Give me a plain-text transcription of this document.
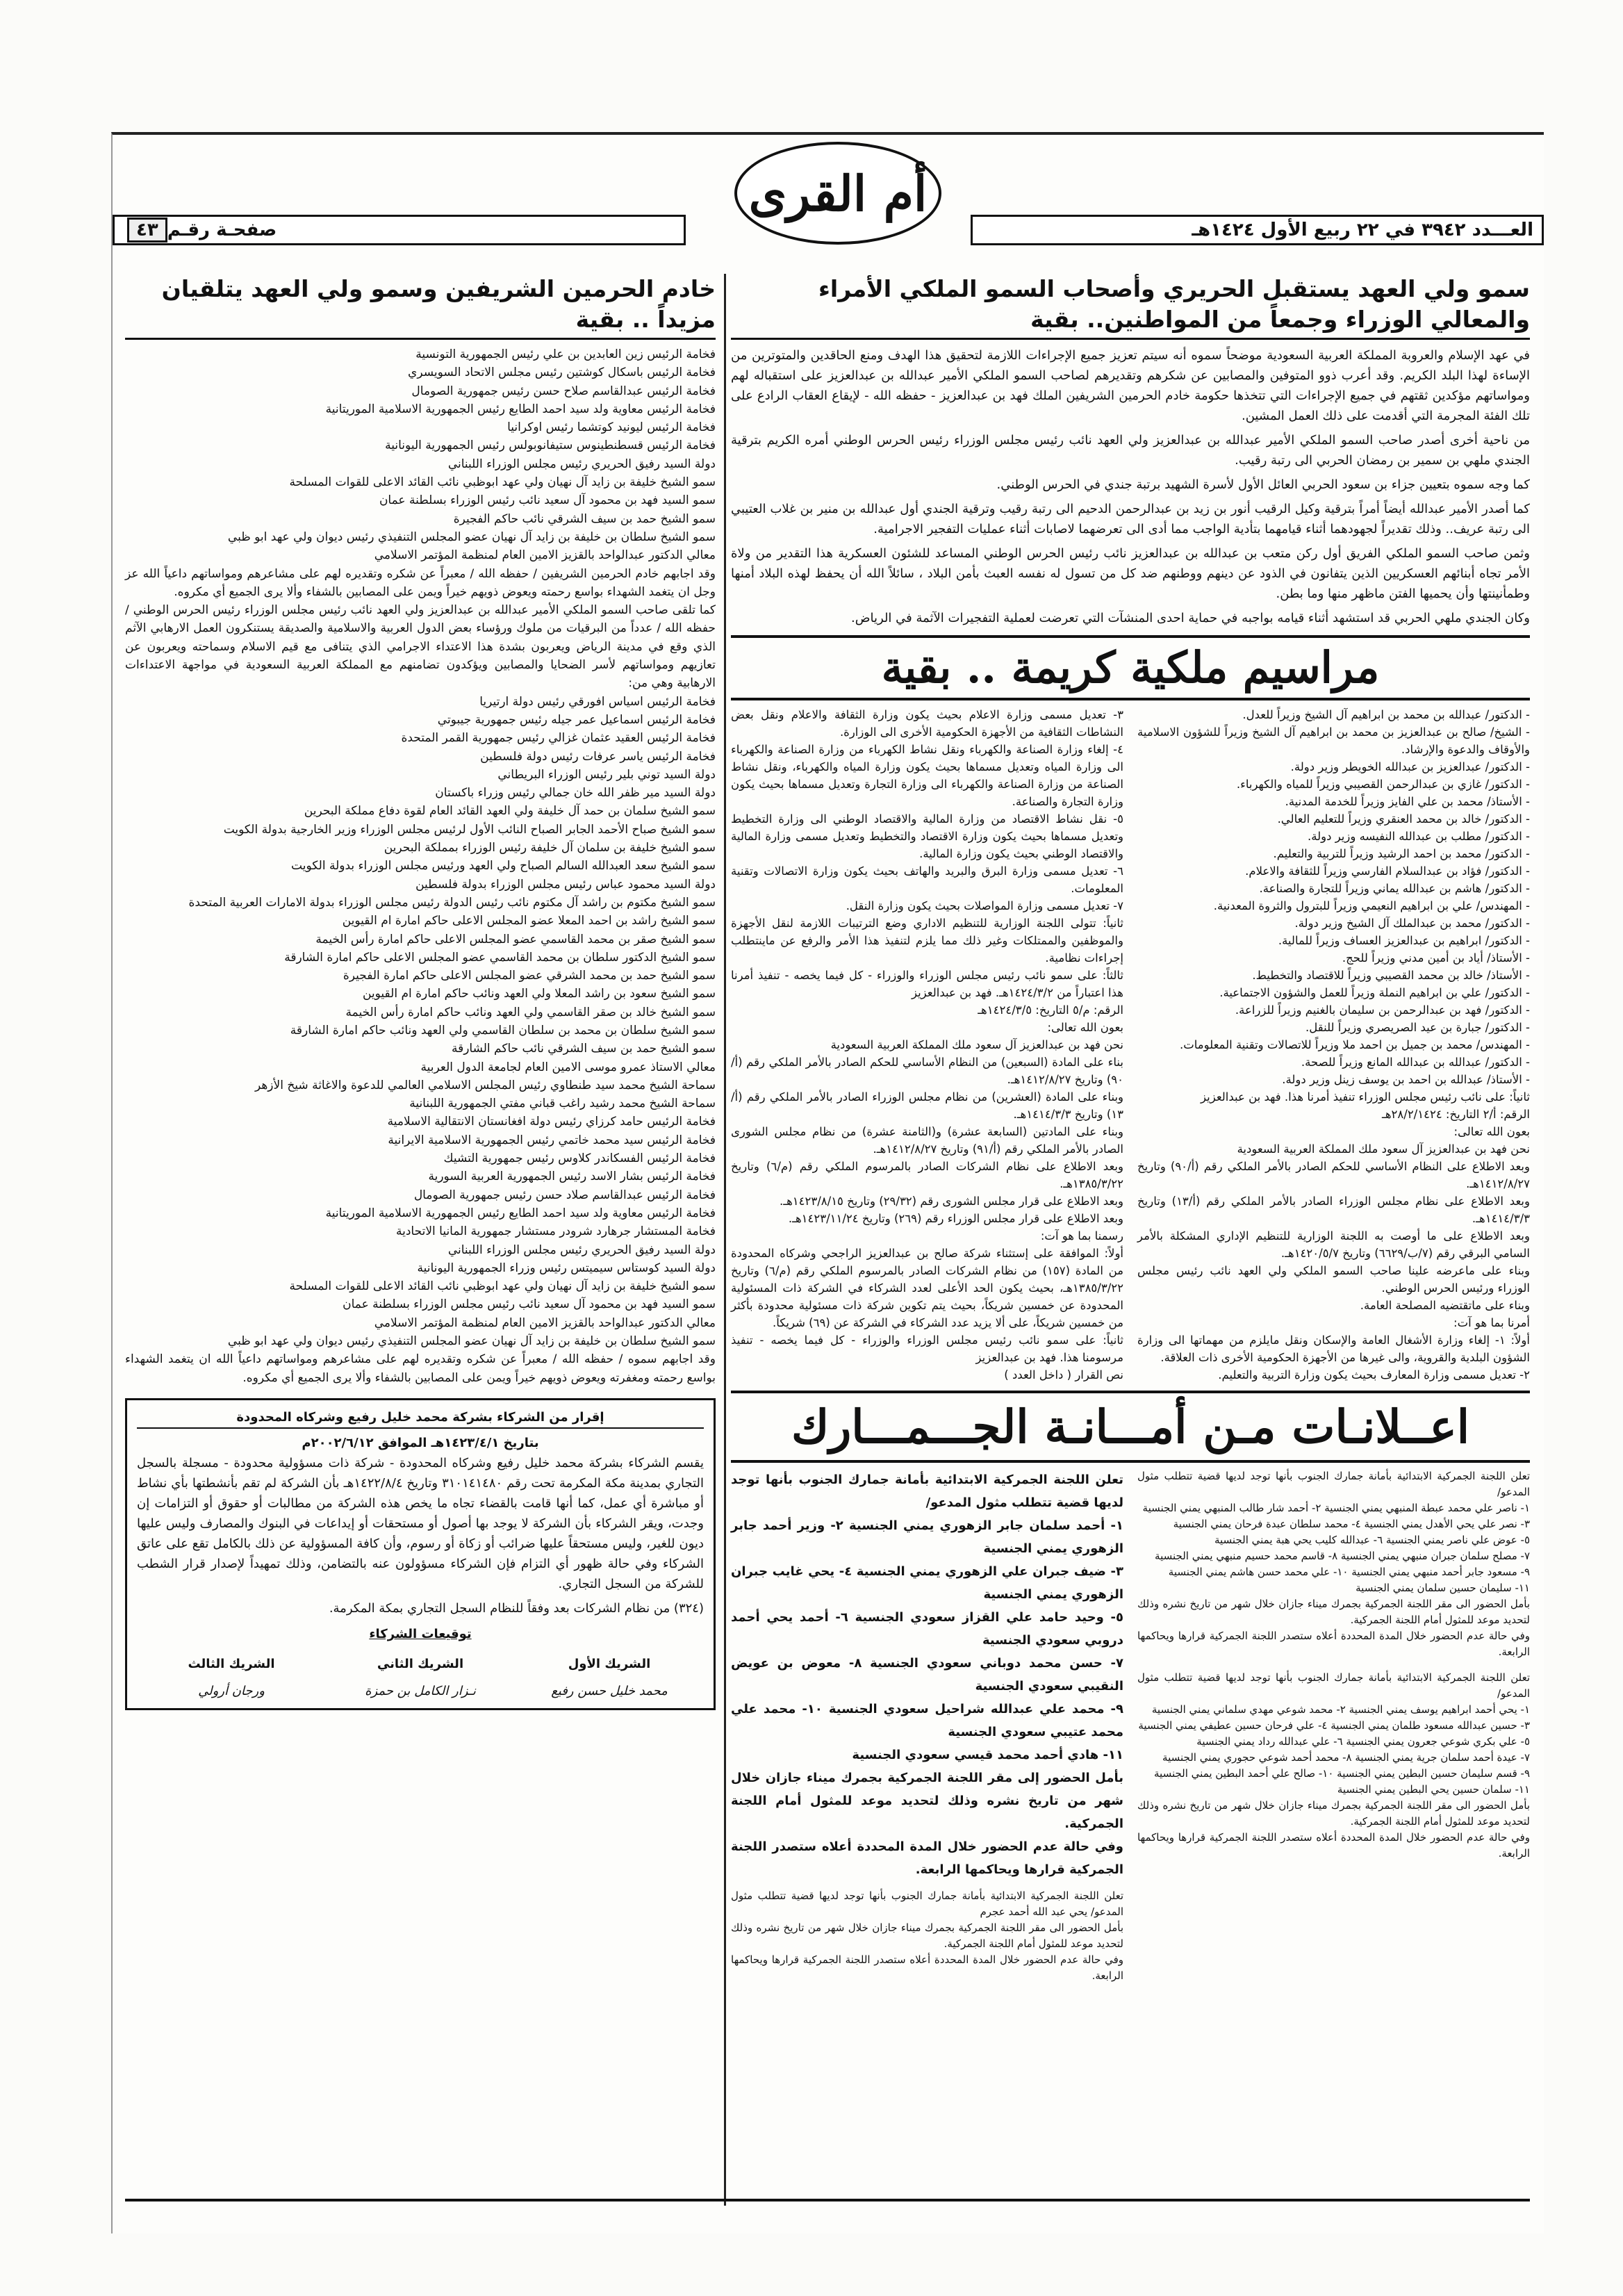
العـــدد ٣٩٤٢ في ٢٢ ربيع الأول ١٤٢٤هـ
أم القرى
صفحـة رقـم
٤٣
سمو ولي العهد يستقبل الحريري وأصحاب السمو الملكي الأمراء والمعالي الوزراء وجمعاً من المواطنين.. بقية

في عهد الإسلام والعروبة المملكة العربية السعودية موضحاً سموه أنه سيتم تعزيز جميع الإجراءات اللازمة لتحقيق هذا الهدف ومنع الحاقدين والمتوترين من الإساءة لهذا البلد الكريم. وقد أعرب ذوو المتوفين والمصابين عن شكرهم وتقديرهم لصاحب السمو الملكي الأمير عبدالله بن عبدالعزيز على استقباله لهم ومواساتهم مؤكدين ثقتهم في جميع الإجراءات التي تتخذها حكومة خادم الحرمين الشريفين الملك فهد بن عبدالعزيز - حفظه الله - لإيقاع العقاب الرادع على تلك الفئة المجرمة التي أقدمت على ذلك العمل المشين.

من ناحية أخرى أصدر صاحب السمو الملكي الأمير عبدالله بن عبدالعزيز ولي العهد نائب رئيس مجلس الوزراء رئيس الحرس الوطني أمره الكريم بترقية الجندي ملهي بن سمير بن رمضان الحربي الى رتبة رقيب.

كما وجه سموه بتعيين جزاء بن سعود الحربي العائل الأول لأسرة الشهيد برتبة جندي في الحرس الوطني.

كما أصدر الأمير عبدالله أيضاً أمراً بترقية وكيل الرقيب أنور بن زيد بن عبدالرحمن الدحيم الى رتبة رقيب وترقية الجندي أول عبدالله بن منير بن غلاب العتيبي الى رتبة عريف.. وذلك تقديراً لجهودهما أثناء قيامهما بتأدية الواجب مما أدى الى تعرضهما لاصابات أثناء عمليات التفجير الاجرامية.

وثمن صاحب السمو الملكي الفريق أول ركن متعب بن عبدالله بن عبدالعزيز نائب رئيس الحرس الوطني المساعد للشئون العسكرية هذا التقدير من ولاة الأمر تجاه أبنائهم العسكريين الذين يتفانون في الذود عن دينهم ووطنهم ضد كل من تسول له نفسه العبث بأمن البلاد ، سائلاً الله أن يحفظ لهذه البلاد أمنها وطمأنينتها وأن يحميها الفتن ماظهر منها وما بطن.

وكان الجندي ملهي الحربي قد استشهد أثناء قيامه بواجبه في حماية احدى المنشآت التي تعرضت لعملية التفجيرات الآثمة في الرياض.

مراسيم ملكية كريمة .. بقية
- الدكتور/ عبدالله بن محمد بن ابراهيم آل الشيخ وزيراً للعدل.
- الشيخ/ صالح بن عبدالعزيز بن محمد بن ابراهيم آل الشيخ وزيراً للشؤون الاسلامية والأوقاف والدعوة والإرشاد.
- الدكتور/ عبدالعزيز بن عبدالله الخويطر وزير دولة.
- الدكتور/ غازي بن عبدالرحمن القصيبي وزيراً للمياه والكهرباء.
- الأستاذ/ محمد بن علي الفايز وزيراً للخدمة المدنية.
- الدكتور/ خالد بن محمد العنقري وزيراً للتعليم العالي.
- الدكتور/ مطلب بن عبدالله النفيسه وزير دولة.
- الدكتور/ محمد بن احمد الرشيد وزيراً للتربية والتعليم.
- الدكتور/ فؤاد بن عبدالسلام الفارسي وزيراً للثقافة والاعلام.
- الدكتور/ هاشم بن عبدالله يماني وزيراً للتجارة والصناعة.
- المهندس/ علي بن ابراهيم النعيمي وزيراً للبترول والثروة المعدنية.
- الدكتور/ محمد بن عبدالملك آل الشيخ وزير دولة.
- الدكتور/ ابراهيم بن عبدالعزيز العساف وزيراً للمالية.
- الأستاذ/ أياد بن أمين مدني وزيراً للحج.
- الأستاذ/ خالد بن محمد القصيبي وزيراً للاقتصاد والتخطيط.
- الدكتور/ علي بن ابراهيم النملة وزيراً للعمل والشؤون الاجتماعية.
- الدكتور/ فهد بن عبدالرحمن بن سليمان بالغنيم وزيراً للزراعة.
- الدكتور/ جبارة بن عيد الصريصري وزيراً للنقل.
- المهندس/ محمد بن جميل بن احمد ملا وزيراً للاتصالات وتقنية المعلومات.
- الدكتور/ عبدالله بن عبدالله المانع وزيراً للصحة.
- الأستاذ/ عبدالله بن احمد بن يوسف زينل وزير دولة.
ثانياً: على نائب رئيس مجلس الوزراء تنفيذ أمرنا هذا. فهد بن عبدالعزيز
الرقم: أ/٢ التاريخ: ٢٨/٢/١٤٢٤هـ
بعون الله تعالى:
نحن فهد بن عبدالعزيز آل سعود ملك المملكة العربية السعودية
وبعد الاطلاع على النظام الأساسي للحكم الصادر بالأمر الملكي رقم (أ/٩٠) وتاريخ ١٤١٢/٨/٢٧هـ.
وبعد الاطلاع على نظام مجلس الوزراء الصادر بالأمر الملكي رقم (أ/١٣) وتاريخ ١٤١٤/٣/٣هـ.
وبعد الاطلاع على ما أوصت به اللجنة الوزارية للتنظيم الإداري المشكلة بالأمر السامي البرقي رقم (٧/ب/٦٦٢٩) وتاريخ ١٤٢٠/٥/٧هـ.
وبناء على ماعرضه علينا صاحب السمو الملكي ولي العهد نائب رئيس مجلس الوزراء ورئيس الحرس الوطني.
وبناء على ماتقتضيه المصلحة العامة.
أمرنا بما هو آت:
أولاً: ١- إلغاء وزارة الأشغال العامة والإسكان ونقل مايلزم من مهماتها الى وزارة الشؤون البلدية والقروية، والى غيرها من الأجهزة الحكومية الأخرى ذات العلاقة.
٢- تعديل مسمى وزارة المعارف بحيث يكون وزارة التربية والتعليم.
٣- تعديل مسمى وزارة الاعلام بحيث يكون وزارة الثقافة والاعلام ونقل بعض النشاطات الثقافية من الأجهزة الحكومية الأخرى الى الوزارة.
٤- إلغاء وزارة الصناعة والكهرباء ونقل نشاط الكهرباء من وزارة الصناعة والكهرباء الى وزارة المياه وتعديل مسماها بحيث يكون وزارة المياه والكهرباء، ونقل نشاط الصناعة من وزارة الصناعة والكهرباء الى وزارة التجارة وتعديل مسماها بحيث يكون وزارة التجارة والصناعة.
٥- نقل نشاط الاقتصاد من وزارة المالية والاقتصاد الوطني الى وزارة التخطيط وتعديل مسماها بحيث يكون وزارة الاقتصاد والتخطيط وتعديل مسمى وزارة المالية والاقتصاد الوطني بحيث يكون وزارة المالية.
٦- تعديل مسمى وزارة البرق والبريد والهاتف بحيث يكون وزارة الاتصالات وتقنية المعلومات.
٧- تعديل مسمى وزارة المواصلات بحيث يكون وزارة النقل.
ثانياً: تتولى اللجنة الوزارية للتنظيم الاداري وضع الترتيبات اللازمة لنقل الأجهزة والموظفين والممتلكات وغير ذلك مما يلزم لتنفيذ هذا الأمر والرفع عن ماينتطلب إجراءات نظامية.
ثالثاً: على سمو نائب رئيس مجلس الوزراء والوزراء - كل فيما يخصه - تنفيذ أمرنا هذا اعتباراً من ١٤٢٤/٣/٢هـ. فهد بن عبدالعزيز
الرقم: م/٥ التاريخ: ١٤٢٤/٣/٥هـ
بعون الله تعالى:
نحن فهد بن عبدالعزيز آل سعود ملك المملكة العربية السعودية
بناء على المادة (السبعين) من النظام الأساسي للحكم الصادر بالأمر الملكي رقم (أ/٩٠) وتاريخ ١٤١٢/٨/٢٧هـ.
وبناء على المادة (العشرين) من نظام مجلس الوزراء الصادر بالأمر الملكي رقم (أ/١٣) وتاريخ ١٤١٤/٣/٣هـ.
وبناء على المادتين (السابعة عشرة) و(الثامنة عشرة) من نظام مجلس الشورى الصادر بالأمر الملكي رقم (أ/٩١) وتاريخ ١٤١٢/٨/٢٧هـ.
وبعد الاطلاع على نظام الشركات الصادر بالمرسوم الملكي رقم (م/٦) وتاريخ ١٣٨٥/٣/٢٢هـ.
وبعد الاطلاع على قرار مجلس الشورى رقم (٢٩/٣٢) وتاريخ ١٤٢٣/٨/١٥هـ.
وبعد الاطلاع على قرار مجلس الوزراء رقم (٢٦٩) وتاريخ ١٤٢٣/١١/٢٤هـ.
رسمنا بما هو آت:
أولاً: الموافقة على إستثناء شركة صالح بن عبدالعزيز الراجحي وشركاه المحدودة من المادة (١٥٧) من نظام الشركات الصادر بالمرسوم الملكي رقم (م/٦) وتاريخ ١٣٨٥/٣/٢٢هـ، بحيث يكون الحد الأعلى لعدد الشركاء في الشركة ذات المسئولية المحدودة عن خمسين شريكاً، بحيث يتم تكوين شركة ذات مسئولية محدودة بأكثر من خمسين شريكاً، على ألا يزيد عدد الشركاء في الشركة عن (٦٩) شريكاً.
ثانياً: على سمو نائب رئيس مجلس الوزراء والوزراء - كل فيما يخصه - تنفيذ مرسومنا هذا. فهد بن عبدالعزيز
نص القرار ( داخل العدد )
اعــلانـات مـن أمـــانـة الجـــمـــارك

تعلن اللجنة الجمركية الابتدائية بأمانة جمارك الجنوب بأنها توجد لديها قضية تتطلب مثول المدعو/
١- ناصر علي محمد عبطة المنبهي يمني الجنسية ٢- أحمد شار طالب المنبهي يمني الجنسية
٣- نصر علي يحي الأهدل يمني الجنسية ٤- محمد سلطان عبدة فرحان يمني الجنسية
٥- عوض علي ناصر يمني الجنسية ٦- عبدالله كليب يحي هبة يمني الجنسية
٧- مصلح سلمان جبران منبهي يمني الجنسية ٨- قاسم محمد حسيم منبهي يمني الجنسية
٩- مسعود جابر أحمد منبهي يمني الجنسية ١٠- علي محمد حسن هاشم يمني الجنسية
١١- سليمان حسين سلمان يمني الجنسية
بأمل الحضور الى مقر اللجنة الجمركية بجمرك ميناء جازان خلال شهر من تاريخ نشره وذلك لتحديد موعد للمثول أمام اللجنة الجمركية.
وفي حالة عدم الحضور خلال المدة المحددة أعلاه ستصدر اللجنة الجمركية قرارها ويحاكمها الرابعة.

تعلن اللجنة الجمركية الابتدائية بأمانة جمارك الجنوب بأنها توجد لديها قضية تتطلب مثول المدعو/
١- يحي أحمد ابراهيم يوسف يمني الجنسية ٢- محمد شوعي مهدي سلماني يمني الجنسية
٣- حسين عبدالله مسعود طلمان يمني الجنسية ٤- علي فرحان حسين عطيفي يمني الجنسية
٥- علي بكري شوعي جعرون يمني الجنسية ٦- علي عبدالله رداد يمني الجنسية
٧- عيدة أحمد سلمان جرية يمني الجنسية ٨- محمد أحمد شوعي حجوري يمني الجنسية
٩- قسم سليمان حسين البطين يمني الجنسية ١٠- صالح علي أحمد البطين يمني الجنسية
١١- سلمان حسين يحي البطين يمني الجنسية
بأمل الحضور الى مقر اللجنة الجمركية بجمرك ميناء جازان خلال شهر من تاريخ نشره وذلك لتحديد موعد للمثول أمام اللجنة الجمركية.
وفي حالة عدم الحضور خلال المدة المحددة أعلاه ستصدر اللجنة الجمركية قرارها ويحاكمها الرابعة.

تعلن اللجنة الجمركية الابتدائية بأمانة جمارك الجنوب بأنها توجد لديها قضية تتطلب مثول المدعو/
١- أحمد سلمان جابر الزهوري يمني الجنسية ٢- وزير أحمد جابر الزهوري يمني الجنسية
٣- ضيف جبران علي الزهوري يمني الجنسية ٤- يحي غايب جبران الزهوري يمني الجنسية
٥- وحيد حامد علي القزاز سعودي الجنسية ٦- أحمد يحي أحمد دروبي سعودي الجنسية
٧- حسن محمد دوباني سعودي الجنسية ٨- معوض بن عويض النقيبي سعودي الجنسية
٩- محمد علي عبدالله شراحيل سعودي الجنسية ١٠- محمد علي محمد عتيبي سعودي الجنسية
١١- هادي أحمد محمد قيسي سعودي الجنسية
بأمل الحضور إلى مقر اللجنة الجمركية بجمرك ميناء جازان خلال شهر من تاريخ نشره وذلك لتحديد موعد للمثول أمام اللجنة الجمركية.
وفي حالة عدم الحضور خلال المدة المحددة أعلاه ستصدر اللجنة الجمركية قرارها ويحاكمها الرابعة.

تعلن اللجنة الجمركية الابتدائية بأمانة جمارك الجنوب بأنها توجد لديها قضية تتطلب مثول المدعو/ يحي عبد الله أحمد عجرم
بأمل الحضور الى مقر اللجنة الجمركية بجمرك ميناء جازان خلال شهر من تاريخ نشره وذلك لتحديد موعد للمثول أمام اللجنة الجمركية.
وفي حالة عدم الحضور خلال المدة المحددة أعلاه ستصدر اللجنة الجمركية قرارها ويحاكمها الرابعة.

خادم الحرمين الشريفين وسمو ولي العهد يتلقيان مزيداً .. بقية
فخامة الرئيس زين العابدين بن علي رئيس الجمهورية التونسية
فخامة الرئيس باسكال كوشتين رئيس مجلس الاتحاد السويسري
فخامة الرئيس عبدالقاسم صلاح حسن رئيس جمهورية الصومال
فخامة الرئيس معاوية ولد سيد احمد الطايع رئيس الجمهورية الاسلامية الموريتانية
فخامة الرئيس ليونيد كوتشما رئيس اوكرانيا
فخامة الرئيس قسطنطينوس ستيفانوبولس رئيس الجمهورية اليونانية
دولة السيد رفيق الحريري رئيس مجلس الوزراء اللبناني
سمو الشيخ خليفة بن زايد آل نهيان ولي عهد ابوظبي نائب القائد الاعلى للقوات المسلحة
سمو السيد فهد بن محمود آل سعيد نائب رئيس الوزراء بسلطنة عمان
سمو الشيخ حمد بن سيف الشرقي نائب حاكم الفجيرة
سمو الشيخ سلطان بن خليفة بن زايد آل نهيان عضو المجلس التنفيذي رئيس ديوان ولي عهد ابو ظبي
معالي الدكتور عبدالواحد بالقزيز الامين العام لمنظمة المؤتمر الاسلامي
وقد اجابهم خادم الحرمين الشريفين / حفظه الله / معبراً عن شكره وتقديره لهم على مشاعرهم ومواساتهم داعياً الله عز وجل ان يتغمد الشهداء بواسع رحمته ويعوض ذويهم خيراً ويمن على المصابين بالشفاء وألا يرى الجميع أي مكروه.
كما تلقى صاحب السمو الملكي الأمير عبدالله بن عبدالعزيز ولي العهد نائب رئيس مجلس الوزراء رئيس الحرس الوطني / حفظه الله / عدداً من البرقيات من ملوك ورؤساء بعض الدول العربية والاسلامية والصديقة يستنكرون العمل الارهابي الآثم الذي وقع في مدينة الرياض ويعربون بشدة هذا الاعتداء الاجرامي الذي يتنافى مع قيم الاسلام وسماحته ويعربون عن تعازيهم ومواساتهم لأسر الضحايا والمصابين ويؤكدون تضامنهم مع المملكة العربية السعودية في مواجهة الاعتداءات الارهابية وهي من:
فخامة الرئيس اسياس افورقي رئيس دولة ارتيريا
فخامة الرئيس اسماعيل عمر جيله رئيس جمهورية جيبوتي
فخامة الرئيس العقيد عثمان غزالي رئيس جمهورية القمر المتحدة
فخامة الرئيس ياسر عرفات رئيس دولة فلسطين
دولة السيد توني بلير رئيس الوزراء البريطاني
دولة السيد مير ظفر الله خان جمالي رئيس وزراء باكستان
سمو الشيخ سلمان بن حمد آل خليفة ولي العهد القائد العام لقوة دفاع مملكة البحرين
سمو الشيخ صباح الأحمد الجابر الصباح النائب الأول لرئيس مجلس الوزراء وزير الخارجية بدولة الكويت
سمو الشيخ خليفة بن سلمان آل خليفة رئيس الوزراء بمملكة البحرين
سمو الشيخ سعد العبدالله السالم الصباح ولي العهد ورئيس مجلس الوزراء بدولة الكويت
دولة السيد محمود عباس رئيس مجلس الوزراء بدولة فلسطين
سمو الشيخ مكتوم بن راشد آل مكتوم نائب رئيس الدولة رئيس مجلس الوزراء بدولة الامارات العربية المتحدة
سمو الشيخ راشد بن احمد المعلا عضو المجلس الاعلى حاكم امارة ام القيوين
سمو الشيخ صقر بن محمد القاسمي عضو المجلس الاعلى حاكم امارة رأس الخيمة
سمو الشيخ الدكتور سلطان بن محمد القاسمي عضو المجلس الاعلى حاكم امارة الشارقة
سمو الشيخ حمد بن محمد الشرقي عضو المجلس الاعلى حاكم امارة الفجيرة
سمو الشيخ سعود بن راشد المعلا ولي العهد ونائب حاكم امارة ام القيوين
سمو الشيخ خالد بن صقر القاسمي ولي العهد ونائب حاكم امارة رأس الخيمة
سمو الشيخ سلطان بن محمد بن سلطان القاسمي ولي العهد ونائب حاكم امارة الشارقة
سمو الشيخ حمد بن سيف الشرقي نائب حاكم الشارقة
معالي الاستاذ عمرو موسى الامين العام لجامعة الدول العربية
سماحة الشيخ محمد سيد طنطاوي رئيس المجلس الاسلامي العالمي للدعوة والاغاثة شيخ الأزهر
سماحة الشيخ محمد رشيد راغب قباني مفتي الجمهورية اللبنانية
فخامة الرئيس حامد كرزاي رئيس دولة افغانستان الانتقالية الاسلامية
فخامة الرئيس سيد محمد خاتمي رئيس الجمهورية الاسلامية الايرانية
فخامة الرئيس الفسكاندر كلاوس رئيس جمهورية التشيك
فخامة الرئيس بشار الاسد رئيس الجمهورية العربية السورية
فخامة الرئيس عبدالقاسم صلاد حسن رئيس جمهورية الصومال
فخامة الرئيس معاوية ولد سيد احمد الطايع رئيس الجمهورية الاسلامية الموريتانية
فخامة المستشار جرهارد شرودر مستشار جمهورية المانيا الاتحادية
دولة السيد رفيق الحريري رئيس مجلس الوزراء اللبناني
دولة السيد كوستاس سيميتس رئيس وزراء الجمهورية اليونانية
سمو الشيخ خليفة بن زايد آل نهيان ولي عهد ابوظبي نائب القائد الاعلى للقوات المسلحة
سمو السيد فهد بن محمود آل سعيد نائب رئيس مجلس الوزراء بسلطنة عمان
معالي الدكتور عبدالواحد بالقزيز الامين العام لمنظمة المؤتمر الاسلامي
سمو الشيخ سلطان بن خليفة بن زايد آل نهيان عضو المجلس التنفيذي رئيس ديوان ولي عهد ابو ظبي
وقد اجابهم سموه / حفظه الله / معبراً عن شكره وتقديره لهم على مشاعرهم ومواساتهم داعياً الله ان يتغمد الشهداء بواسع رحمته ومغفرته ويعوض ذويهم خيراً ويمن على المصابين بالشفاء وألا يرى الجميع أي مكروه.
إقرار من الشركاء بشركة محمد خليل رفيع وشركاه المحدودة
بتاريخ ١٤٢٣/٤/١هـ الموافق ٢٠٠٢/٦/١٢م

يقسم الشركاء بشركة محمد خليل رفيع وشركاه المحدودة - شركة ذات مسؤولية محدودة - مسجلة بالسجل التجاري بمدينة مكة المكرمة تحت رقم ٣١٠١٤١٤٨٠ وتاريخ ١٤٢٢/٨/٤هـ بأن الشركة لم تقم بأنشطتها بأي نشاط أو مباشرة أي عمل، كما أنها قامت بالقضاء تجاه ما يخص هذه الشركة من مطالبات أو حقوق أو التزامات إن وجدت، ويقر الشركاء بأن الشركة لا يوجد بها أصول أو مستحقات أو إيداعات في البنوك والمصارف وليس عليها ديون للغير، وليس مستحقاً عليها ضرائب أو زكاة أو رسوم، وأن كافة المسؤولية عن ذلك بالكامل تقع على عاتق الشركاء وفي حالة ظهور أي التزام فإن الشركاء مسؤولون عنه بالتضامن، وذلك تمهيداً لإصدار قرار الشطب للشركة من السجل التجاري.

(٣٢٤) من نظام الشركات بعد وفقاً للنظام السجل التجاري بمكة المكرمة.

توقيعات الشركاء
الشريك الأول
محمد خليل حسن رفيع
الشريك الثاني
نـزار الكامل بن حمزة
الشريك الثالث
ورجان أرولي
